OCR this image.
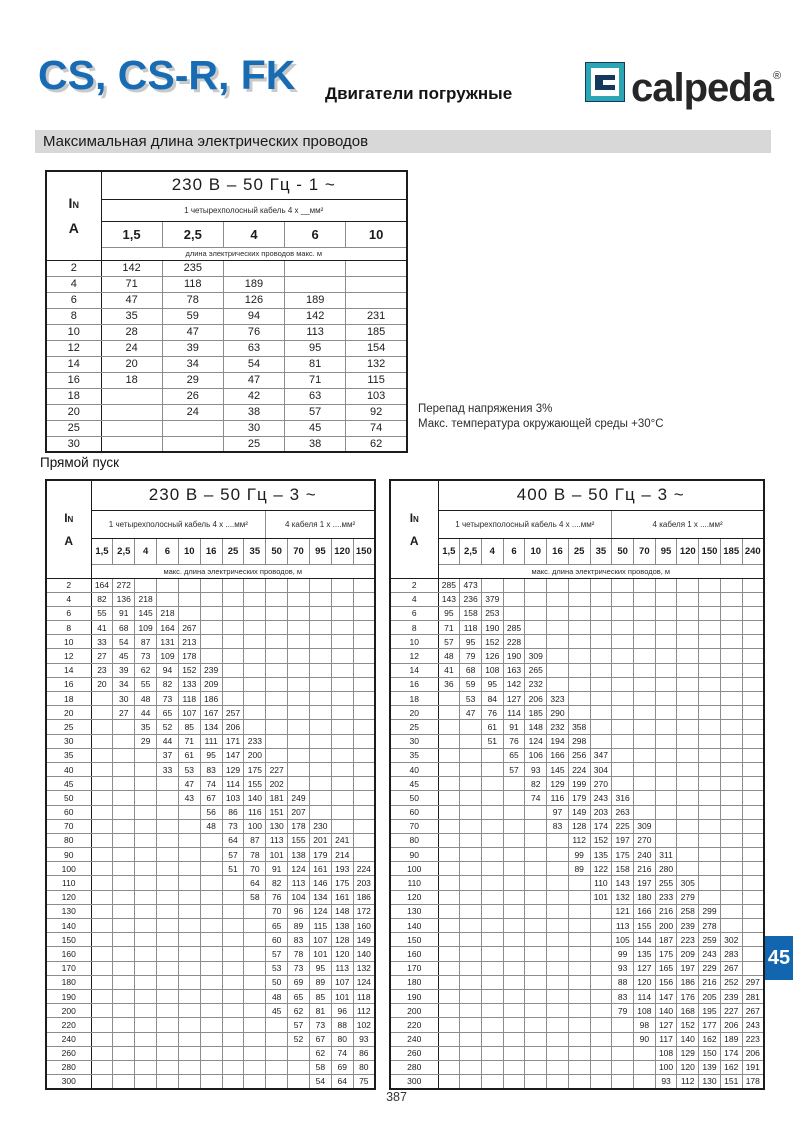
CS, CS-R, FK Двигатели погружные	calpeda®
Максимальная длина электрических проводов
IN
A	230 В – 50 Гц - 1 ~				
	1 четырехполосный кабель 4 х __мм²				
	1,5	2,5	4	6	10
	длина электрических проводов макс. м				
2	142	235			
4	71	118	189		
6	47	78	126	189	
8	35	59	94	142	231
10	28	47	76	113	185
12	24	39	63	95	154
14	20	34	54	81	132
16	18	29	47	71	115
18		26	42	63	103
20		24	38	57	92
25			30	45	74
30			25	38	62
Перепад напряжения 3%
Макс. температура окружающей среды +30°C
Прямой пуск
IN
A	230 В – 50 Гц – 3 ~												
	1 четырехполосный кабель 4 х ....мм²								4 кабеля 1 х ....мм²				
	1,5	2,5	4	6	10	16	25	35	50	70	95	120	150
	макс. длина электрических проводов, м												
2	164	272											
4	82	136	218										
6	55	91	145	218									
8	41	68	109	164	267								
10	33	54	87	131	213								
12	27	45	73	109	178								
14	23	39	62	94	152	239							
16	20	34	55	82	133	209							
18		30	48	73	118	186							
20		27	44	65	107	167	257						
25			35	52	85	134	206						
30			29	44	71	111	171	233					
35				37	61	95	147	200					
40				33	53	83	129	175	227				
45					47	74	114	155	202				
50					43	67	103	140	181	249			
60						56	86	116	151	207			
70						48	73	100	130	178	230		
80							64	87	113	155	201	241	
90							57	78	101	138	179	214	
100							51	70	91	124	161	193	224
110								64	82	113	146	175	203
120								58	76	104	134	161	186
130									70	96	124	148	172
140									65	89	115	138	160
150									60	83	107	128	149
160									57	78	101	120	140
170									53	73	95	113	132
180									50	69	89	107	124
190									48	65	85	101	118
200									45	62	81	96	112
220										57	73	88	102
240										52	67	80	93
260											62	74	86
280											58	69	80
300											54	64	75
IN
A	400 В – 50 Гц – 3 ~														
	1 четырехполосный кабель 4 х ....мм²								4 кабеля 1 х ....мм²						
	1,5	2,5	4	6	10	16	25	35	50	70	95	120	150	185	240
	макс. длина электрических проводов, м														
2	285	473													
4	143	236	379												
6	95	158	253												
8	71	118	190	285											
10	57	95	152	228											
12	48	79	126	190	309										
14	41	68	108	163	265										
16	36	59	95	142	232										
18		53	84	127	206	323									
20		47	76	114	185	290									
25			61	91	148	232	358								
30			51	76	124	194	298								
35				65	106	166	256	347							
40				57	93	145	224	304							
45					82	129	199	270							
50					74	116	179	243	316						
60						97	149	203	263						
70						83	128	174	225	309					
80							112	152	197	270					
90							99	135	175	240	311				
100							89	122	158	216	280				
110								110	143	197	255	305			
120								101	132	180	233	279			
130									121	166	216	258	299		
140									113	155	200	239	278		
150									105	144	187	223	259	302	
160									99	135	175	209	243	283	
170									93	127	165	197	229	267	
180									88	120	156	186	216	252	297
190									83	114	147	176	205	239	281
200									79	108	140	168	195	227	267
220										98	127	152	177	206	243
240										90	117	140	162	189	223
260											108	129	150	174	206
280											100	120	139	162	191
300											93	112	130	151	178
45
387
